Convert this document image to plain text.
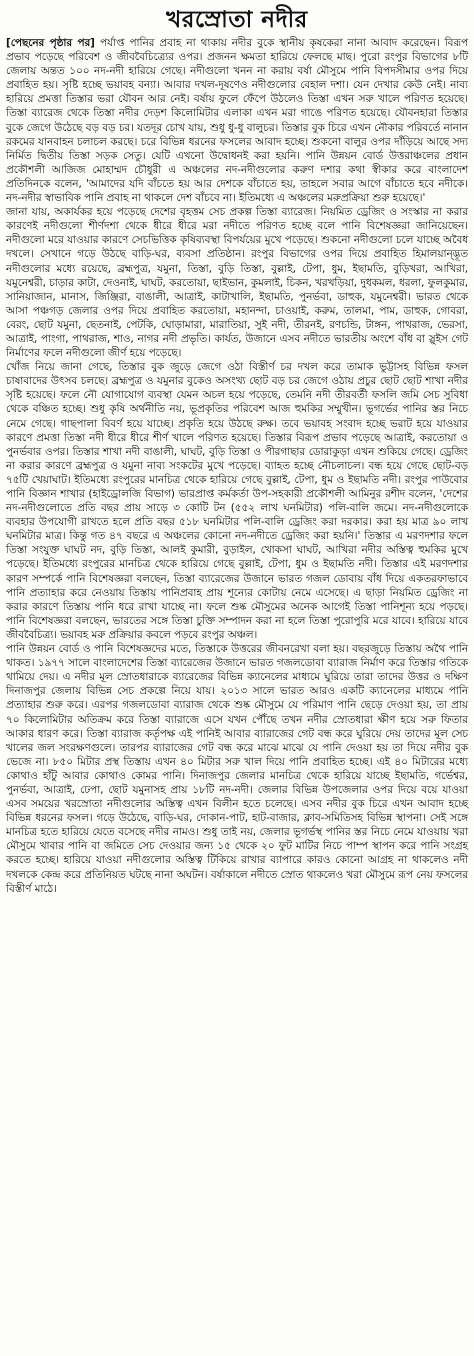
খরস্রোতা নদীর

[পেছনের পৃষ্ঠার পর] পর্যাপ্ত পানির প্রবাহ না থাকায় নদীর বুকে স্থানীয় কৃষকেরা নানা আবাদ করেছেন। বিরূপ প্রভাব পড়েছে পরিবেশ ও জীববৈচিত্র্যের ওপর। প্রজনন ক্ষমতা হারিয়ে ফেলছে মাছ। পুরো রংপুর বিভাগের ৮টি জেলায় অন্তত ১০০ নদ-নদী হারিয়ে গেছে। নদীগুলো খনন না করায় বর্ষা মৌসুমে পানি বিপদসীমার ওপর দিয়ে প্রবাহিত হয়। সৃষ্টি হচ্ছে ভয়াবহ বন্যা। আবার দখল-দূষণেও নদীগুলোর বেহাল দশা। যেন দেখার কেউ নেই। নাব্য হারিয়ে প্রমত্তা তিস্তার ভরা যৌবন আর নেই। বর্ষায় ফুলে ফেঁপে উঠলেও তিস্তা এখন সরু খালে পরিণত হয়েছে। তিস্তা ব্যারেজ থেকে তিস্তা নদীর দেড়শ কিলোমিটার এলাকা এখন মরা গাঙে পরিণত হয়েছে। যৌবনহারা তিস্তার বুকে জেগে উঠেছে বড় বড় চর। যতদূর চোখ যায়, শুধু ধু-ধু বালুচর। তিস্তার বুক চিরে এখন নৌকার পরিবর্তে নানান রকমের যানবাহন চলাচল করছে। চরে বিভিন্ন ধরনের ফসলের আবাদ হচ্ছে। শুকনো বালুর ওপর দাঁড়িয়ে আছে সদ্য নির্মিত দ্বিতীয় তিস্তা সড়ক সেতু। যেটি এখনো উদ্বোধনই করা হয়নি। পানি উন্নয়ন বোর্ড উত্তরাঞ্চলের প্রধান প্রকৌশলী আজিজ মোহাম্মদ চৌধুরী এ অঞ্চলের নদ-নদীগুলোর করুণ দশার কথা স্বীকার করে বাংলাদেশ প্রতিদিনকে বলেন, 'আমাদের যদি বাঁচতে হয় আর দেশকে বাঁচাতে হয়, তাহলে সবার আগে বাঁচাতে হবে নদীকে। নদ-নদীর স্বাভাবিক পানি প্রবাহ না থাকলে দেশ বাঁচবে না। ইতিমধ্যে এ অঞ্চলের মরুপ্রক্রিয়া শুরু হয়েছে।'

জানা যায়, অকার্যকর হয়ে পড়েছে দেশের বৃহত্তম সেচ প্রকল্প তিস্তা ব্যারেজ। নিয়মিত ড্রেজিং ও সংস্কার না করার কারণেই নদীগুলো শীর্ণদশা থেকে ধীরে ধীরে মরা নদীতে পরিণত হচ্ছে বলে পানি বিশেষজ্ঞরা জানিয়েছেন। নদীগুলো মরে যাওয়ার কারণে সেচভিত্তিক কৃষিব্যবস্থা বিপর্যয়ের মুখে পড়েছে। শুকনো নদীগুলো চলে যাচ্ছে অবৈধ দখলে। সেখানে গড়ে উঠছে বাড়ি-ঘর, ব্যবসা প্রতিষ্ঠান। রংপুর বিভাগের ওপর দিয়ে প্রবাহিত হিমালয়ান্দ্ভূত নদীগুলোর মধ্যে রয়েছে, ব্রহ্মপুত্র, যমুনা, তিস্তা, বুড়ি তিস্তা, বুল্লাই, টেপা, ধুম, ইছামতি, বুড়িখরা, আখিরা, যমুনেশ্বরী, চাড়ার কাটা, দেওনাই, ঘাঘট, করতোয়া, ছাইভান, কুমলাই, চিকন, খরখড়িয়া, দুধকমল, ধরলা, ফুলকুমার, সানিয়াজান, মানাস, জিঞ্জিরা, বাঙালী, আত্রাই, কাটাখালি, ইছামতি, পুনর্ভবা, ডাহুক, যমুনেশ্বরী। ভারত থেকে আসা পঞ্চগড় জেলার ওপর দিয়ে প্রবাহিত করতোয়া, মহানন্দা, চাওয়াই, করুম, তালমা, পাম, ডাহুক, গোবরা, বেরং, ছোট যমুনা, ছেতনাই, পেটকি, ঘোড়ামারা, মারাতিয়া, সুই নদী, তীরনই, রণচন্ডি, টাঙ্গন, পাথরাজ, ভেরসা, আত্রাই, পাংগা, পাথরাজ, শাও, নাগর নদী প্রভৃতি। কার্যত, উজানে এসব নদীতে ভারতীয় অংশে বাঁধ বা স্লুইস গেট নির্মাণের ফলে নদীগুলো জীর্ণ হয়ে পড়েছে।

খোঁজ নিয়ে জানা গেছে, তিস্তার বুক জুড়ে জেগে ওঠা বিস্তীর্ণ চর দখল করে তামাক ভুট্টাসহ বিভিন্ন ফসল চাষাবাদের উৎসব চলছে। ব্রহ্মপুত্র ও যমুনার বুকেও অসংখ্য ছোট বড় চর জেগে ওঠায় প্রচুর ছোট ছোট শাখা নদীর সৃষ্টি হয়েছে। ফলে নৌ যোগাযোগ ব্যবস্থা যেমন অচল হয়ে পড়েছে, তেমনি নদী তীরবর্তী ফসলি জমি সেচ সুবিধা থেকে বঞ্চিত হচ্ছে। শুধু কৃষি অর্থনীতি নয়, ভূপ্রকৃতির পরিবেশ আজ হুমকির সম্মুখীন। ভূগর্ভের পানির স্তর নিচে নেমে গেছে। গাছপালা বিবর্ণ হয়ে যাচ্ছে। প্রকৃতি হয়ে উঠছে রুক্ষ। তবে ভয়াবহ সংবাদ হচ্ছে ভরাট হয়ে যাওয়ার কারণে প্রমত্তা তিস্তা নদী ধীরে ধীরে শীর্ণ খালে পরিণত হয়েছে। তিস্তার বিরূপ প্রভাব পড়েছে আত্রাই, করতোয়া ও পুনর্ভবার ওপর। তিস্তার শাখা নদী বাঙালী, ঘাঘট, বুড়ি তিস্তা ও পীরগাছার ডোরাকুড়া এখন শুকিয়ে গেছে। ড্রেজিং না করার কারণে ব্রহ্মপুত্র ও যমুনা নাব্য সংকটের মুখে পড়েছে। ব্যাহত হচ্ছে নৌচলাচল। বন্ধ হয়ে গেছে ছোট-বড় ৭৫টি খেয়াঘাট। ইতিমধ্যে রংপুরের মানচিত্র থেকে হারিয়ে গেছে বুল্লাই, টেপা, ধুম ও ইছামতি নদী। রংপুর পাউবোর পানি বিজ্ঞান শাখার (হাইড্রোলজি বিভাগ) ভারপ্রাপ্ত কর্মকর্তা উপ-সহকারী প্রকৌশলী আমিনুর রশীদ বলেন, 'দেশের নদ-নদীগুলোতে প্রতি বছর প্রায় সাড়ে ৩ কোটি টন (৫৫২ লাখ ঘনমিটার) পলি-বালি জমে। নদ-নদীগুলোকে ব্যবহার উপযোগী রাখতে হলে প্রতি বছর ৫১৮ ঘনমিটার পলি-বালি ড্রেজিং করা দরকার। করা হয় মাত্র ৯০ লাখ ঘনমিটার মাত্র। কিন্তু গত ৪৭ বছরে এ অঞ্চলের কোনো নদ-নদীতে ড্রেজিং করা হয়নি।' তিস্তার এ মরণদশার ফলে তিস্তা সংযুক্ত ঘাঘট নদ, বুড়ি তিস্তা, আলই কুমারী, বুড়াইল, খোকসা ঘাঘট, আখিরা নদীর অস্তিত্ব হুমকির মুখে পড়েছে। ইতিমধ্যে রংপুরের মানচিত্র থেকে হারিয়ে গেছে বুল্লাই, টেপা, ধুম ও ইছামতি নদী। তিস্তার এই মরণদশার কারণ সম্পর্কে পানি বিশেষজ্ঞরা বলছেন, তিস্তা ব্যারেজের উজানে ভারত গজল ডোবায় বাঁধ দিয়ে একতরফাভাবে পানি প্রত্যাহার করে নেওয়ায় তিস্তায় পানিপ্রবাহ প্রায় শূন্যের কোটায় নেমে এসেছে। এ ছাড়া নিয়মিত ড্রেজিং না করার কারণে তিস্তায় পানি ধরে রাখা যাচ্ছে না। ফলে শুষ্ক মৌসুমের অনেক আগেই তিস্তা পানিশূন্য হয়ে পড়ছে। পানি বিশেষজ্ঞরা বলছেন, ভারতের সঙ্গে তিস্তা চুক্তি সম্পাদন করা না হলে তিস্তা পুরোপুরি মরে যাবে। হারিয়ে যাবে জীববৈচিত্র্য। ভয়াবহ মরু প্রক্রিয়ার কবলে পড়বে রংপুর অঞ্চল।

পানি উন্নয়ন বোর্ড ও পানি বিশেষজ্ঞদের মতে, তিস্তাকে উত্তরের জীবনরেখা বলা হয়। বছরজুড়ে তিস্তায় অথৈ পানি থাকত। ১৯৭৭ সালে বাংলাদেশের তিস্তা ব্যারেজের উজানে ভারত গজলডোবা ব্যারাজ নির্মাণ করে তিস্তার গতিকে থামিয়ে দেয়। এ নদীর মূল স্রোতধারাকে ব্যারেজের বিভিন্ন ক্যানেলের মাধ্যমে ঘুরিয়ে তারা তাদের উত্তর ও দক্ষিণ দিনাজপুর জেলায় বিভিন্ন সেচ প্রকল্পে নিয়ে যায়। ২০১৩ সালে ভারত আরও একটি ক্যানেলের মাধ্যমে পানি প্রত্যাহার শুরু করে। এরপর গজলডোবা ব্যারাজ থেকে শুষ্ক মৌসুমে যে পরিমাণ পানি ছেড়ে দেওয়া হয়, তা প্রায় ৭০ কিলোমিটার অতিক্রম করে তিস্তা ব্যারাজে এসে যখন পৌঁছে তখন নদীর স্রোতধারা ক্ষীণ হয়ে সরু ফিতার আকার ধারণ করে। তিস্তা ব্যারাজ কর্তৃপক্ষ এই পানিই আবার ব্যারাজের গেট বন্ধ করে ঘুরিয়ে দেয় তাদের মূল সেচ খালের জল সংরক্ষণগুলে। তারপর ব্যারাজের গেট বন্ধ করে মাঝে মাঝে যে পানি দেওয়া হয় তা দিয়ে নদীর বুক ভেজে না। ৮৫০ মিটার প্রস্থ তিস্তায় এখন ৪০ মিটার সরু খাল দিয়ে পানি প্রবাহিত হচ্ছে। এই ৪০ মিটারের মধ্যে কোথাও হাঁটু আবার কোথাও কোমর পানি। দিনাজপুর জেলার মানচিত্র থেকে হারিয়ে যাচ্ছে ইছামতি, গর্ভেশ্বর, পুনর্ভবা, আত্রাই, ঢেপা, ছোট যমুনাসহ প্রায় ১৮টি নদ-নদী। জেলার বিভিন্ন উপজেলার ওপর দিয়ে বয়ে যাওয়া এসব সময়ের খরস্রোতা নদীগুলোর অস্তিত্ব এখন বিলীন হতে চলেছে। এসব নদীর বুক চিরে এখন আবাদ হচ্ছে বিভিন্ন ধরনের ফসল। গড়ে উঠেছে, বাড়ি-ঘর, দোকান-পাট, হাট-বাজার, ক্লাব-সমিতিসহ বিভিন্ন স্থাপনা। সেই সঙ্গে মানচিত্র হতে হারিয়ে যেতে বসেছে নদীর নামও। শুধু তাই নয়, জেলার ভূগর্ভস্থ পানির স্তর নিচে নেমে যাওয়ায় খরা মৌসুমে খাবার পানি বা জমিতে সেচ দেওয়ার জন্য ১৫ থেকে ২০ ফুট মাটির নিচে পাম্প স্থাপন করে পানি সংগ্রহ করতে হচ্ছে। হারিয়ে যাওয়া নদীগুলোর অস্তিত্ব টিকিয়ে রাখার ব্যাপারে কারও কোনো আগ্রহ না থাকলেও নদী দখলকে কেন্দ্র করে প্রতিনিয়ত ঘটছে নানা অঘটন। বর্ষাকালে নদীতে স্রোত থাকলেও খরা মৌসুমে রূপ নেয় ফসলের বিস্তীর্ণ মাঠে।
